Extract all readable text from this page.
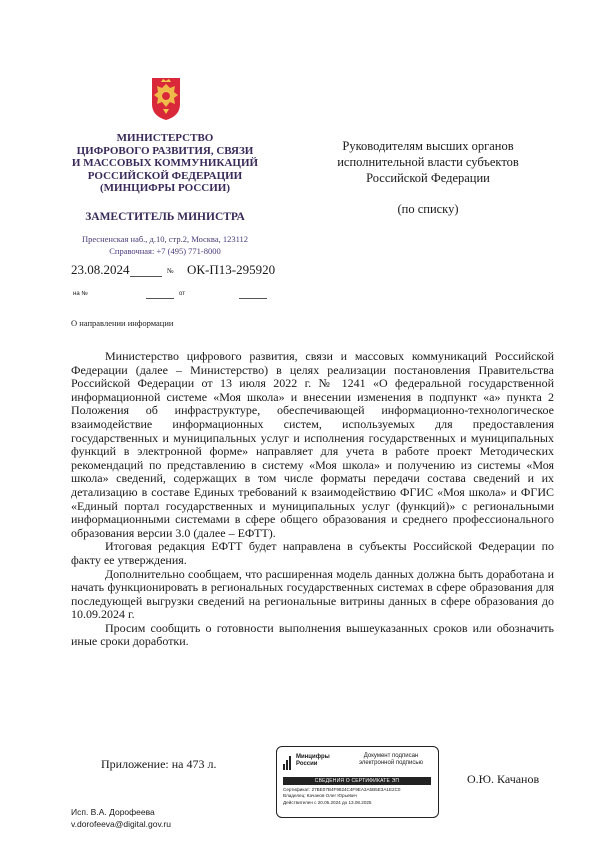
МИНИСТЕРСТВО
ЦИФРОВОГО РАЗВИТИЯ, СВЯЗИ
И МАССОВЫХ КОММУНИКАЦИЙ
РОССИЙСКОЙ ФЕДЕРАЦИИ
(МИНЦИФРЫ РОССИИ)
ЗАМЕСТИТЕЛЬ МИНИСТРА
Пресненская наб., д.10, стр.2, Москва, 123112
Справочная: +7 (495) 771-8000
23.08.2024	№ ОК-П13-295920
на №	от
О направлении информации
Руководителям высших органов
исполнительной власти субъектов
Российской Федерации
(по списку)

Министерство цифрового развития, связи и массовых коммуникаций Российской Федерации (далее – Министерство) в целях реализации постановления Правительства Российской Федерации от 13 июля 2022 г. № 1241 «О федеральной государственной информационной системе «Моя школа» и внесении изменения в подпункт «а» пункта 2 Положения об инфраструктуре, обеспечивающей информационно-технологическое взаимодействие информационных систем, используемых для предоставления государственных и муниципальных услуг и исполнения государственных и муниципальных функций в электронной форме» направляет для учета в работе проект Методических рекомендаций по представлению в систему «Моя школа» и получению из системы «Моя школа» сведений, содержащих в том числе форматы передачи состава сведений и их детализацию в составе Единых требований к взаимодействию ФГИС «Моя школа» и ФГИС «Единый портал государственных и муниципальных услуг (функций)» с региональными информационными системами в сфере общего образования и среднего профессионального образования версии 3.0 (далее – ЕФТТ).

Итоговая редакция ЕФТТ будет направлена в субъекты Российской Федерации по факту ее утверждения.

Дополнительно сообщаем, что расширенная модель данных должна быть доработана и начать функционировать в региональных государственных системах в сфере образования для последующей выгрузки сведений на региональные витрины данных в сфере образования до 10.09.2024 г.

Просим сообщить о готовности выполнения вышеуказанных сроков или обозначить иные сроки доработки.

Приложение: на 473 л.	Минцифры
России
Документ подписан
электронной подписью
СВЕДЕНИЯ О СЕРТИФИКАТЕ ЭП
Сертификат: 27BE07B4F9824C4F9EA3A5B5E3A1E2C0
Владелец: Качанов Олег Юрьевич
Действителен с 20.05.2024 до 13.08.2025
О.Ю. Качанов
Исп. В.А. Дорофеева
v.dorofeeva@digital.gov.ru
